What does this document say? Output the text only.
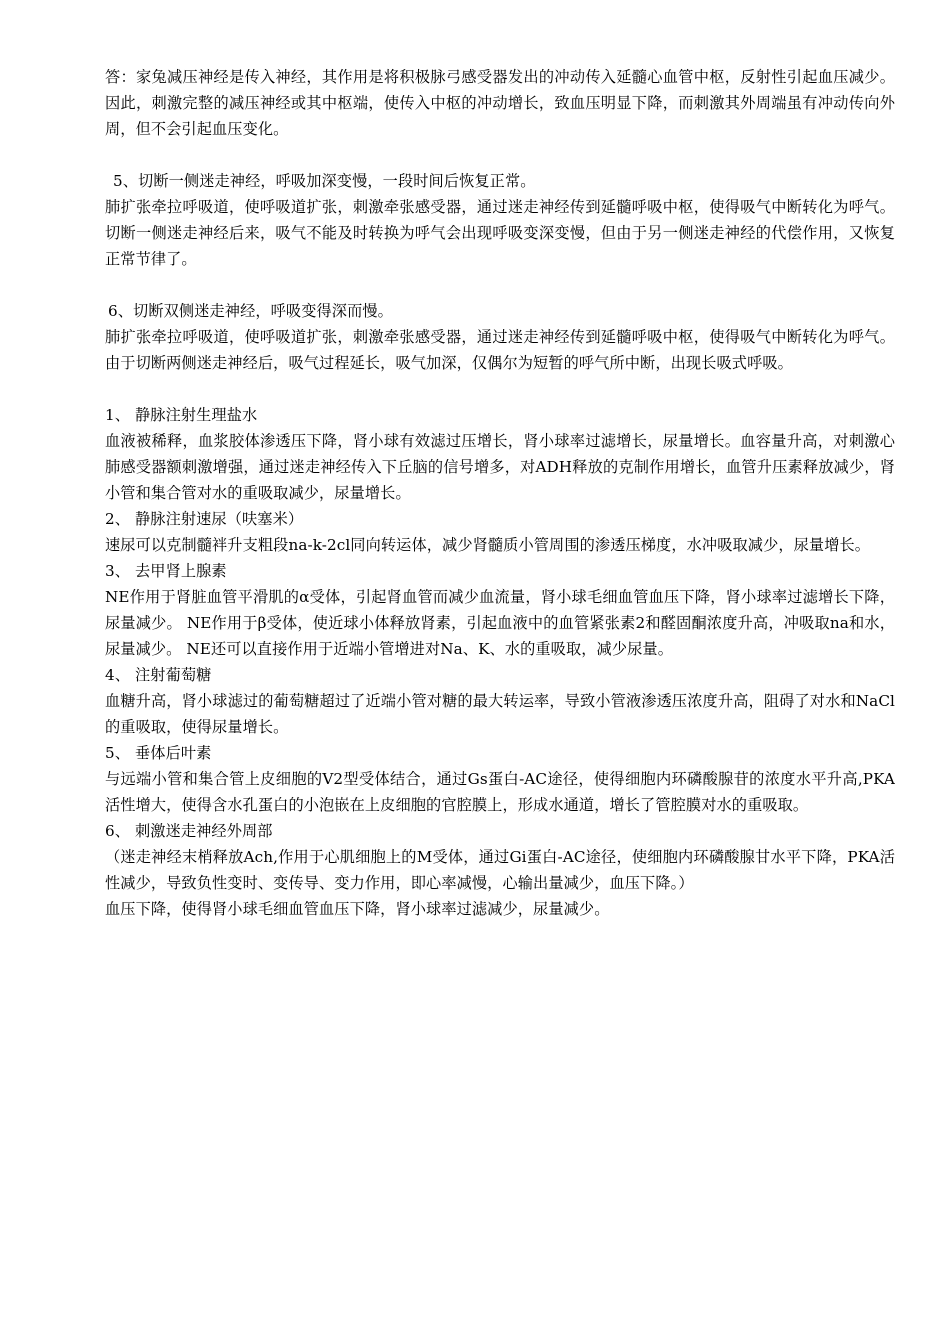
答：家兔减压神经是传入神经，其作用是将积极脉弓感受器发出的冲动传入延髓心血管中枢，反射性引起血压减少。因此，刺激完整的减压神经或其中枢端，使传入中枢的冲动增长，致血压明显下降，而刺激其外周端虽有冲动传向外周，但不会引起血压变化。

5、切断一侧迷走神经，呼吸加深变慢，一段时间后恢复正常。

肺扩张牵拉呼吸道，使呼吸道扩张，刺激牵张感受器，通过迷走神经传到延髓呼吸中枢，使得吸气中断转化为呼气。切断一侧迷走神经后来，吸气不能及时转换为呼气会出现呼吸变深变慢，但由于另一侧迷走神经的代偿作用，又恢复正常节律了。

6、切断双侧迷走神经，呼吸变得深而慢。

肺扩张牵拉呼吸道，使呼吸道扩张，刺激牵张感受器，通过迷走神经传到延髓呼吸中枢，使得吸气中断转化为呼气。由于切断两侧迷走神经后，吸气过程延长，吸气加深，仅偶尔为短暂的呼气所中断，出现长吸式呼吸。

1、 静脉注射生理盐水

血液被稀释，血浆胶体渗透压下降，肾小球有效滤过压增长，肾小球率过滤增长，尿量增长。血容量升高，对刺激心肺感受器额刺激增强，通过迷走神经传入下丘脑的信号增多，对ADH释放的克制作用增长，血管升压素释放减少，肾小管和集合管对水的重吸取减少，尿量增长。

2、 静脉注射速尿（呋塞米）

速尿可以克制髓袢升支粗段na-k-2cl同向转运体，减少肾髓质小管周围的渗透压梯度，水冲吸取减少，尿量增长。

3、 去甲肾上腺素

NE作用于肾脏血管平滑肌的α受体，引起肾血管而减少血流量，肾小球毛细血管血压下降，肾小球率过滤增长下降，尿量减少。 NE作用于β受体，使近球小体释放肾素，引起血液中的血管紧张素2和醛固酮浓度升高，冲吸取na和水，尿量减少。 NE还可以直接作用于近端小管增进对Na、K、水的重吸取，减少尿量。

4、 注射葡萄糖

血糖升高，肾小球滤过的葡萄糖超过了近端小管对糖的最大转运率，导致小管液渗透压浓度升高，阻碍了对水和NaCl的重吸取，使得尿量增长。

5、 垂体后叶素

与远端小管和集合管上皮细胞的V2型受体结合，通过Gs蛋白-AC途径，使得细胞内环磷酸腺苷的浓度水平升高,PKA活性增大，使得含水孔蛋白的小泡嵌在上皮细胞的官腔膜上，形成水通道，增长了管腔膜对水的重吸取。

6、 刺激迷走神经外周部

（迷走神经末梢释放Ach,作用于心肌细胞上的M受体，通过Gi蛋白-AC途径，使细胞内环磷酸腺甘水平下降，PKA活性减少，导致负性变时、变传导、变力作用，即心率减慢，心输出量减少，血压下降。）

血压下降，使得肾小球毛细血管血压下降，肾小球率过滤减少，尿量减少。
